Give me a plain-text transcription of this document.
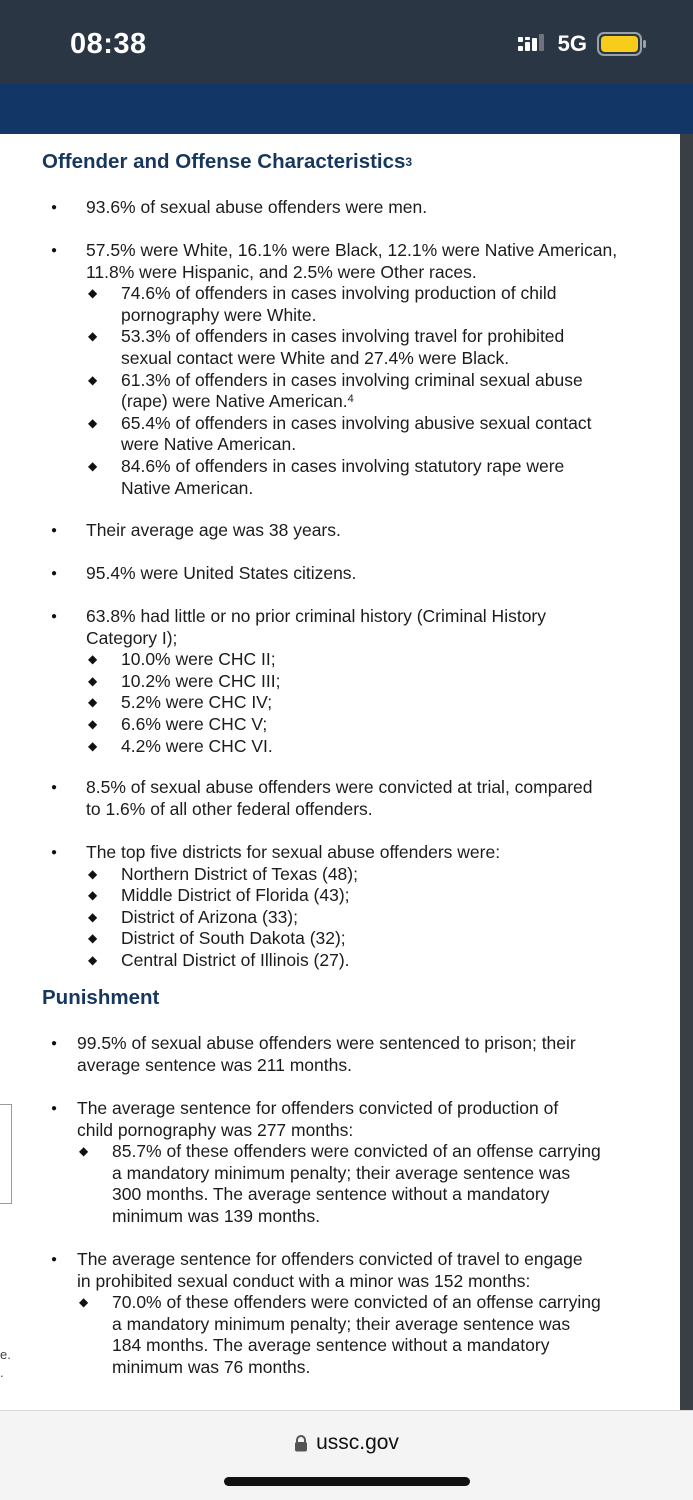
08:38	5G
e.
.
Offender and Offense Characteristics$^3$
● 93.6% of sexual abuse offenders were men.
● 57.5% were White, 16.1% were Black, 12.1% were Native American,
11.8% were Hispanic, and 2.5% were Other races.
◆ 74.6% of offenders in cases involving production of child
pornography were White.
◆ 53.3% of offenders in cases involving travel for prohibited
sexual contact were White and 27.4% were Black.
◆ 61.3% of offenders in cases involving criminal sexual abuse
(rape) were Native American.$^4$
◆ 65.4% of offenders in cases involving abusive sexual contact
were Native American.
◆ 84.6% of offenders in cases involving statutory rape were
Native American.
● Their average age was 38 years.
● 95.4% were United States citizens.
● 63.8% had little or no prior criminal history (Criminal History
Category I);
◆ 10.0% were CHC II;
◆ 10.2% were CHC III;
◆ 5.2% were CHC IV;
◆ 6.6% were CHC V;
◆ 4.2% were CHC VI.
● 8.5% of sexual abuse offenders were convicted at trial, compared
to 1.6% of all other federal offenders.
● The top five districts for sexual abuse offenders were:
◆ Northern District of Texas (48);
◆ Middle District of Florida (43);
◆ District of Arizona (33);
◆ District of South Dakota (32);
◆ Central District of Illinois (27).
Punishment
● 99.5% of sexual abuse offenders were sentenced to prison; their
average sentence was 211 months.
● The average sentence for offenders convicted of production of
child pornography was 277 months:
◆ 85.7% of these offenders were convicted of an offense carrying
a mandatory minimum penalty; their average sentence was
300 months. The average sentence without a mandatory
minimum was 139 months.
● The average sentence for offenders convicted of travel to engage
in prohibited sexual conduct with a minor was 152 months:
◆ 70.0% of these offenders were convicted of an offense carrying
a mandatory minimum penalty; their average sentence was
184 months. The average sentence without a mandatory
minimum was 76 months.
ussc.gov
